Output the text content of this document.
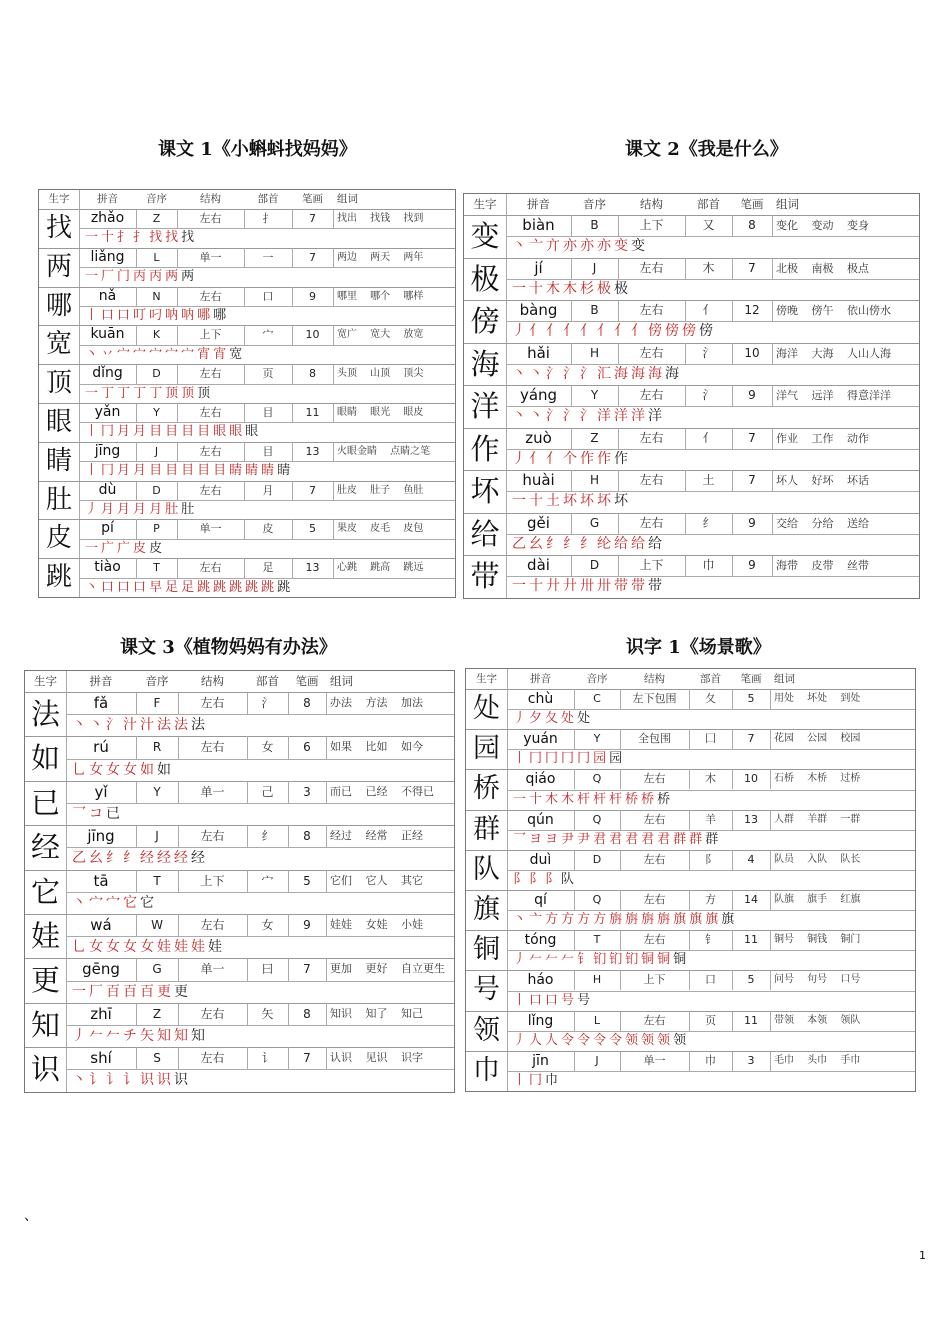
课文 1《小蝌蚪找妈妈》	课文 2《我是什么》
课文 3《植物妈妈有办法》	识字 1《场景歌》
生字	拼音	音序	结构	部首	笔画	组词
找	zhǎo	Z	左右	扌	7	找出 找钱 找到
一 十 扌 扌 找 找 找
两	liǎng	L	单一	一	7	两边 两天 两年
一 厂 门 丙 丙 两 两
哪	nǎ	N	左右	口	9	哪里 哪个 哪样
丨 口 口 叮 叼 呐 呐 哪 哪
宽	kuān	K	上下	宀	10	宽广 宽大 放宽
丶 丷 宀 宀 宀 宀 宀 宵 宵 宽
顶	dǐng	D	左右	页	8	头顶 山顶 顶尖
一 丁 丁 丁 丁 顶 顶 顶
眼	yǎn	Y	左右	目	11	眼睛 眼光 眼皮
丨 冂 月 月 目 目 目 目 眼 眼 眼
睛	jīng	J	左右	目	13	火眼金睛 点睛之笔
丨 冂 月 月 目 目 目 目 目 睛 睛 睛 睛
肚	dù	D	左右	月	7	肚皮 肚子 鱼肚
丿 月 月 月 月 肚 肚
皮	pí	P	单一	皮	5	果皮 皮毛 皮包
一 广 广 皮 皮
跳	tiào	T	左右	足	13	心跳 跳高 跳远
丶 口 口 口 早 足 足 跳 跳 跳 跳 跳 跳
生字	拼音	音序	结构	部首	笔画	组词
变	biàn	B	上下	又	8	变化 变动 变身
丶 亠 亣 亦 亦 亦 变 变
极	jí	J	左右	木	7	北极 南极 极点
一 十 木 木 杉 极 极
傍	bàng	B	左右	亻	12	傍晚 傍午 依山傍水
丿 亻 亻 亻 亻 亻 亻 亻 傍 傍 傍 傍
海	hǎi	H	左右	氵	10	海洋 大海 人山人海
丶 丶 氵 氵 氵 汇 海 海 海 海
洋	yáng	Y	左右	氵	9	洋气 远洋 得意洋洋
丶 丶 氵 氵 氵 洋 洋 洋 洋
作	zuò	Z	左右	亻	7	作业 工作 动作
丿 亻 亻 个 作 作 作
坏	huài	H	左右	土	7	坏人 好坏 坏话
一 十 土 坏 坏 坏 坏
给	gěi	G	左右	纟	9	交给 分给 送给
乙 幺 纟 纟 纟 纶 给 给 给
带	dài	D	上下	巾	9	海带 皮带 丝带
一 十 廾 廾 卅 卅 带 带 带
生字	拼音	音序	结构	部首	笔画	组词
法	fǎ	F	左右	氵	8	办法 方法 加法
丶 丶 氵 汁 汁 法 法 法
如	rú	R	左右	女	6	如果 比如 如今
乚 女 女 女 如 如
已	yǐ	Y	单一	己	3	而已 已经 不得已
乛 コ 已
经	jīng	J	左右	纟	8	经过 经常 正经
乙 幺 纟 纟 经 经 经 经
它	tā	T	上下	宀	5	它们 它人 其它
丶 宀 宀 它 它
娃	wá	W	左右	女	9	娃娃 女娃 小娃
乚 女 女 女 女 娃 娃 娃 娃
更	gēng	G	单一	曰	7	更加 更好 自立更生
一 厂 百 百 百 更 更
知	zhī	Z	左右	矢	8	知识 知了 知己
丿 𠂉 𠂉 チ 矢 知 知 知
识	shí	S	左右	讠	7	认识 见识 识字
丶 讠 讠 讠 识 识 识
生字	拼音	音序	结构	部首	笔画	组词
处	chù	C	左下包围	夂	5	用处 坏处 到处
丿 夕 夂 处 处
园	yuán	Y	全包围	囗	7	花园 公园 校园
丨 冂 冂 冂 冂 园 园
桥	qiáo	Q	左右	木	10	石桥 木桥 过桥
一 十 木 木 杆 杆 杆 桥 桥 桥
群	qún	Q	左右	羊	13	人群 羊群 一群
乛 ヨ ヨ 尹 尹 君 君 君 君 君 群 群 群
队	duì	D	左右	阝	4	队员 入队 队长
阝 阝 阝 队
旗	qí	Q	左右	方	14	队旗 旗手 红旗
丶 亠 方 方 方 方 旃 旃 旃 旃 旗 旗 旗 旗
铜	tóng	T	左右	钅	11	铜号 铜钱 铜门
丿 𠂉 𠂉 𠂉 钅 钔 钔 钔 铜 铜 铜
号	háo	H	上下	口	5	问号 句号 口号
丨 口 口 号 号
领	lǐng	L	左右	页	11	带领 本领 领队
丿 人 人 令 令 令 令 领 领 领 领
巾	jīn	J	单一	巾	3	毛巾 头巾 手巾
丨 冂 巾
、
1
